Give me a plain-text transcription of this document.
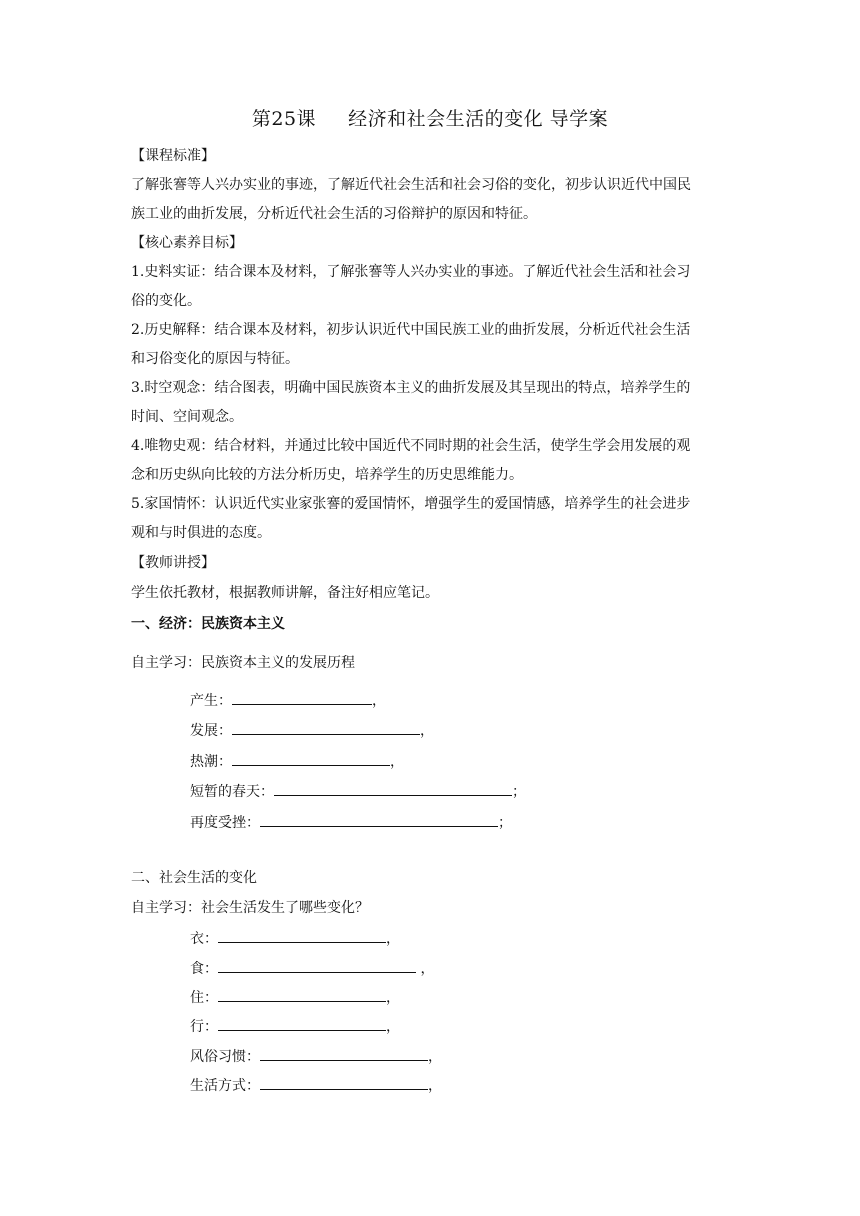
第25课 经济和社会生活的变化 导学案
【课程标准】
了解张謇等人兴办实业的事迹，了解近代社会生活和社会习俗的变化，初步认识近代中国民
族工业的曲折发展，分析近代社会生活的习俗辩护的原因和特征。
【核心素养目标】
1.史料实证：结合课本及材料，了解张謇等人兴办实业的事迹。了解近代社会生活和社会习
俗的变化。
2.历史解释：结合课本及材料，初步认识近代中国民族工业的曲折发展，分析近代社会生活
和习俗变化的原因与特征。
3.时空观念：结合图表，明确中国民族资本主义的曲折发展及其呈现出的特点，培养学生的
时间、空间观念。
4.唯物史观：结合材料，并通过比较中国近代不同时期的社会生活，使学生学会用发展的观
念和历史纵向比较的方法分析历史，培养学生的历史思维能力。
5.家国情怀：认识近代实业家张謇的爱国情怀，增强学生的爱国情感，培养学生的社会进步
观和与时俱进的态度。
【教师讲授】
学生依托教材，根据教师讲解，备注好相应笔记。
一、经济：民族资本主义
自主学习：民族资本主义的发展历程
产生：	，
发展：	，
热潮：	，
短暂的春天：	；
再度受挫：	；
二、社会生活的变化
自主学习：社会生活发生了哪些变化？
衣：	，
食：	，
住：	，
行：	，
风俗习惯：	，
生活方式：	，
